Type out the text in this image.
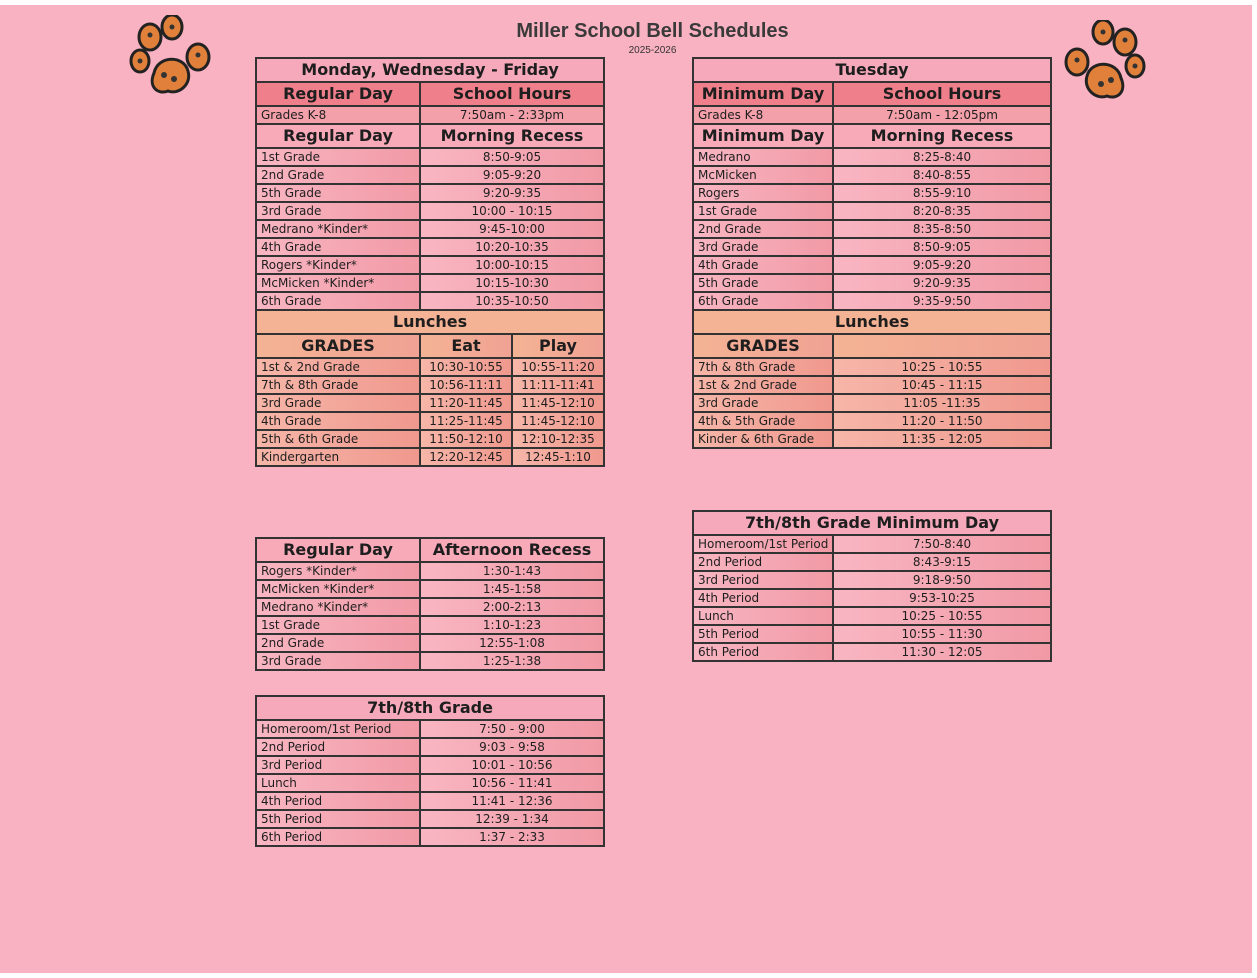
Miller School Bell Schedules
2025-2026
Monday, Wednesday - Friday		
Regular Day	School Hours	
Grades K-8	7:50am - 2:33pm	
Regular Day	Morning Recess	
1st Grade	8:50-9:05	
2nd Grade	9:05-9:20	
5th Grade	9:20-9:35	
3rd Grade	10:00 - 10:15	
Medrano *Kinder*	9:45-10:00	
4th Grade	10:20-10:35	
Rogers *Kinder*	10:00-10:15	
McMicken *Kinder*	10:15-10:30	
6th Grade	10:35-10:50	
Lunches		
GRADES	Eat	Play
1st & 2nd Grade	10:30-10:55	10:55-11:20
7th & 8th Grade	10:56-11:11	11:11-11:41
3rd Grade	11:20-11:45	11:45-12:10
4th Grade	11:25-11:45	11:45-12:10
5th & 6th Grade	11:50-12:10	12:10-12:35
Kindergarten	12:20-12:45	12:45-1:10
Regular Day	Afternoon Recess
Rogers *Kinder*	1:30-1:43
McMicken *Kinder*	1:45-1:58
Medrano *Kinder*	2:00-2:13
1st Grade	1:10-1:23
2nd Grade	12:55-1:08
3rd Grade	1:25-1:38
7th/8th Grade	
Homeroom/1st Period	7:50 - 9:00
2nd Period	9:03 - 9:58
3rd Period	10:01 - 10:56
Lunch	10:56 - 11:41
4th Period	11:41 - 12:36
5th Period	12:39 - 1:34
6th Period	1:37 - 2:33
Tuesday	
Minimum Day	School Hours
Grades K-8	7:50am - 12:05pm
Minimum Day	Morning Recess
Medrano	8:25-8:40
McMicken	8:40-8:55
Rogers	8:55-9:10
1st Grade	8:20-8:35
2nd Grade	8:35-8:50
3rd Grade	8:50-9:05
4th Grade	9:05-9:20
5th Grade	9:20-9:35
6th Grade	9:35-9:50
Lunches	
GRADES	
7th & 8th Grade	10:25 - 10:55
1st & 2nd Grade	10:45 - 11:15
3rd Grade	11:05 -11:35
4th & 5th Grade	11:20 - 11:50
Kinder & 6th Grade	11:35 - 12:05
7th/8th Grade Minimum Day	
Homeroom/1st Period	7:50-8:40
2nd Period	8:43-9:15
3rd Period	9:18-9:50
4th Period	9:53-10:25
Lunch	10:25 - 10:55
5th Period	10:55 - 11:30
6th Period	11:30 - 12:05
